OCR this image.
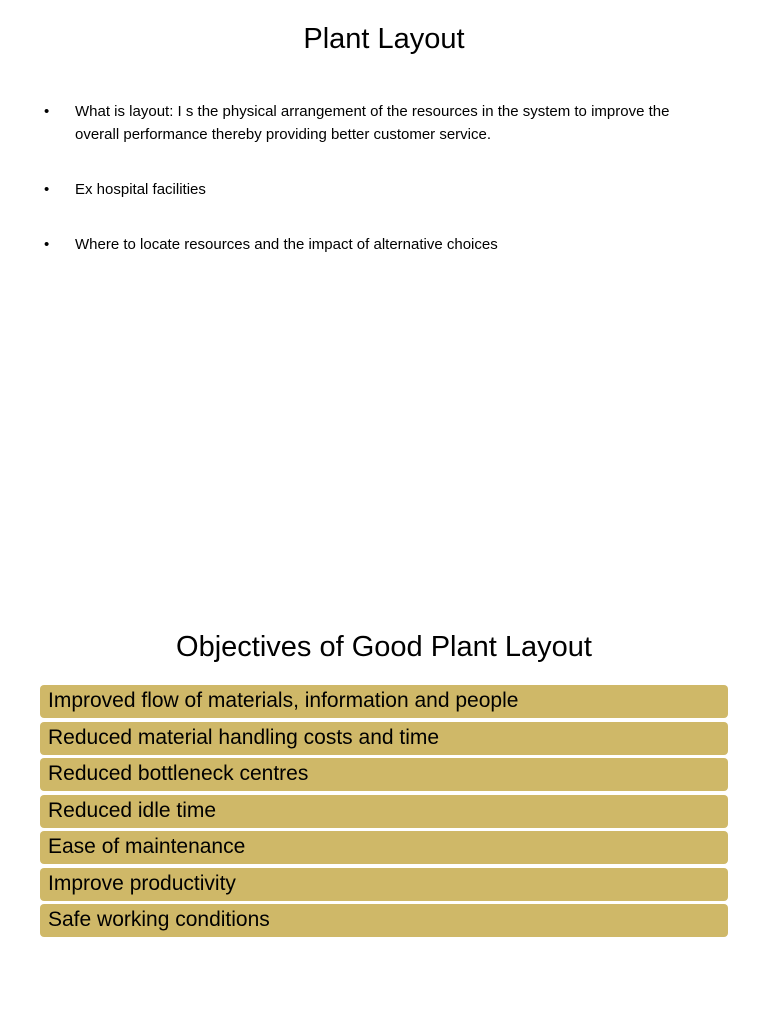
Plant Layout
•	What is layout: I s the physical arrangement of the resources in the system to improve the overall performance thereby providing better customer service.
•	Ex hospital facilities
•	Where to locate resources and the impact of alternative choices
Objectives of Good Plant Layout
Improved flow of materials, information and people
Reduced material handling costs and time
Reduced bottleneck centres
Reduced idle time
Ease of maintenance
Improve productivity
Safe working conditions
